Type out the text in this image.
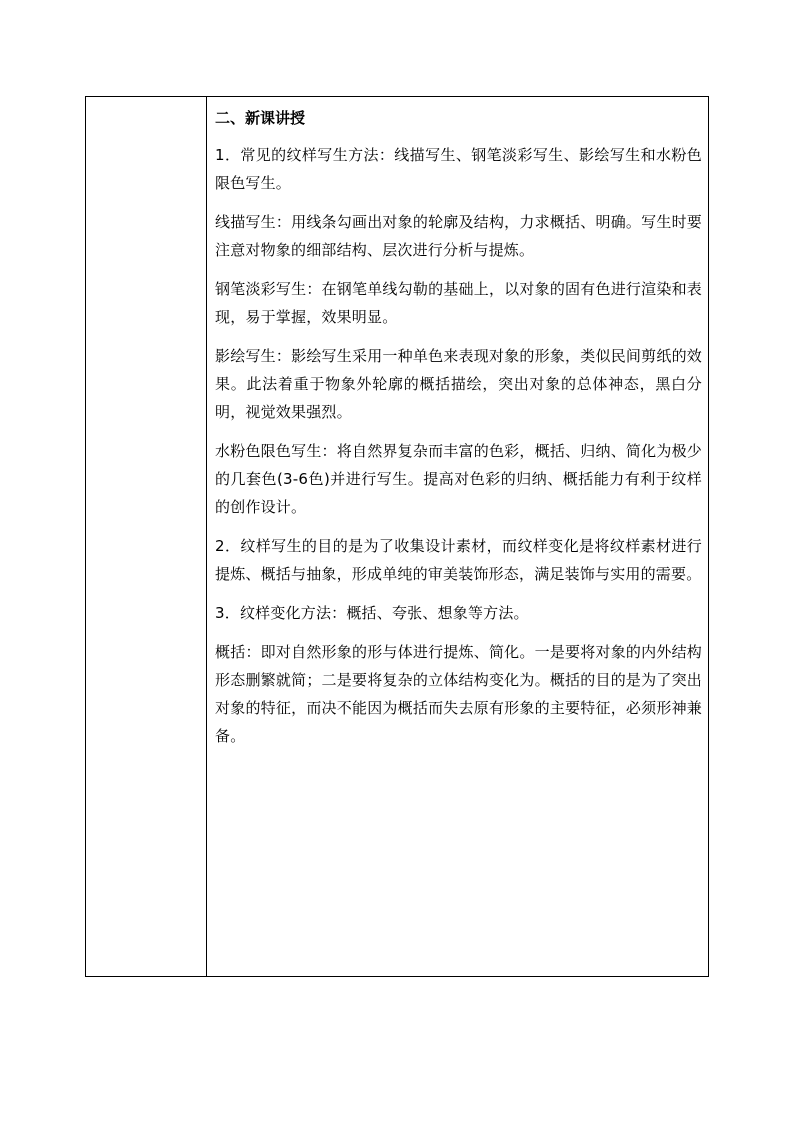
二、新课讲授

1．常见的纹样写生方法：线描写生、钢笔淡彩写生、影绘写生和水粉色限色写生。

线描写生：用线条勾画出对象的轮廓及结构，力求概括、明确。写生时要注意对物象的细部结构、层次进行分析与提炼。

钢笔淡彩写生：在钢笔单线勾勒的基础上，以对象的固有色进行渲染和表现，易于掌握，效果明显。

影绘写生：影绘写生采用一种单色来表现对象的形象，类似民间剪纸的效果。此法着重于物象外轮廓的概括描绘，突出对象的总体神态，黑白分明，视觉效果强烈。

水粉色限色写生：将自然界复杂而丰富的色彩，概括、归纳、简化为极少的几套色(3-6色)并进行写生。提高对色彩的归纳、概括能力有利于纹样的创作设计。

2．纹样写生的目的是为了收集设计素材，而纹样变化是将纹样素材进行提炼、概括与抽象，形成单纯的审美装饰形态，满足装饰与实用的需要。

3．纹样变化方法：概括、夸张、想象等方法。

概括：即对自然形象的形与体进行提炼、简化。一是要将对象的内外结构形态删繁就简；二是要将复杂的立体结构变化为。概括的目的是为了突出对象的特征，而决不能因为概括而失去原有形象的主要特征，必须形神兼备。
